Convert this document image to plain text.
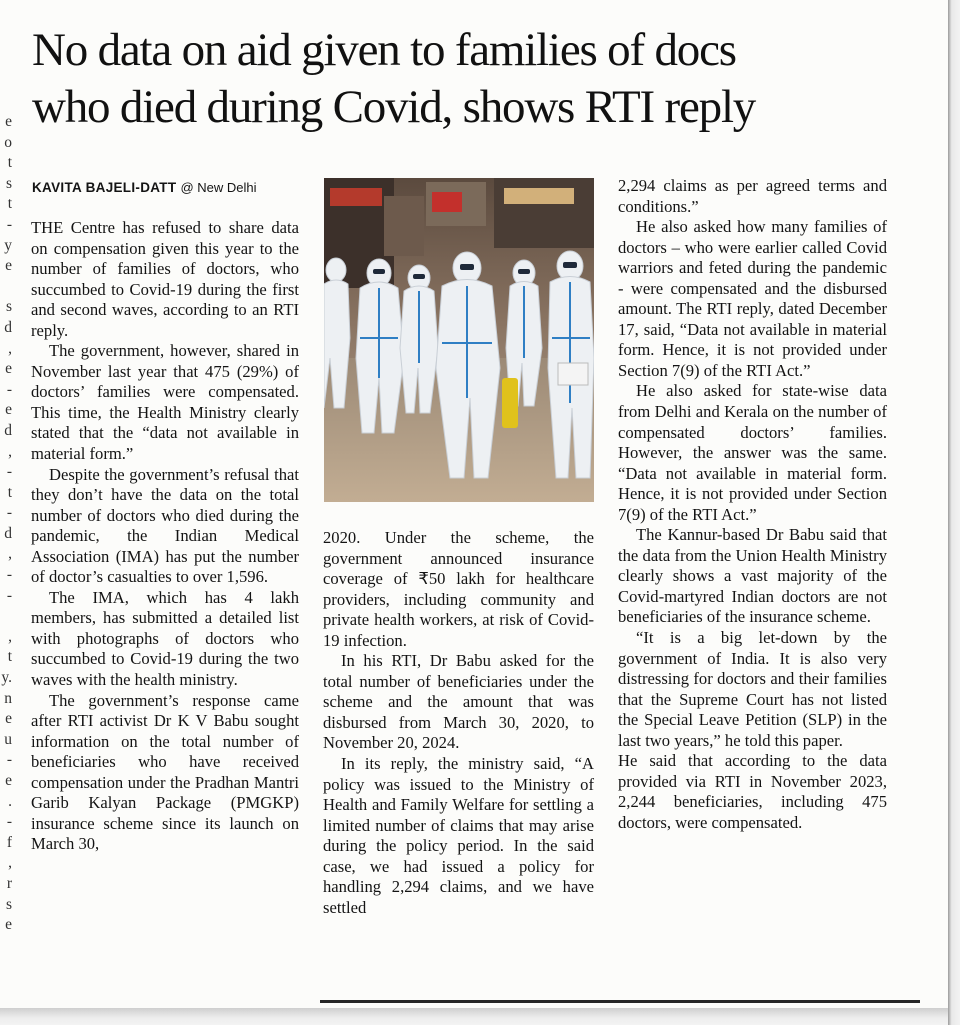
e
o
t
s
t
-
y
e
s
d
,
e
-
e
d
,
-
t
-
d
,
-
-
,
t
y.
n
e
u
-
e
.
-
f
,
r
s
e
No data on aid given to families of docs
who died during Covid, shows RTI reply
KAVITA BAJELI-DATT @ New Delhi

THE Centre has refused to share data on compensation given this year to the number of families of doctors, who succumbed to Covid-19 during the first and second waves, according to an RTI reply.

The government, however, shared in November last year that 475 (29%) of doctors’ families were compensated. This time, the Health Ministry clearly stated that the “data not available in material form.”

Despite the government’s refusal that they don’t have the data on the total number of doctors who died during the pandemic, the Indian Medical Association (IMA) has put the number of doctor’s casualties to over 1,596.

The IMA, which has 4 lakh members, has submitted a detailed list with photographs of doctors who succumbed to Covid-19 during the two waves with the health ministry.

The government’s response came after RTI activist Dr K V Babu sought information on the total number of beneficiaries who have received compensation under the Pradhan Mantri Garib Kalyan Package (PMGKP) insurance scheme since its launch on March 30,

2020. Under the scheme, the government announced insurance coverage of ₹50 lakh for healthcare providers, including community and private health workers, at risk of Covid-19 infection.

In his RTI, Dr Babu asked for the total number of beneficiaries under the scheme and the amount that was disbursed from March 30, 2020, to November 20, 2024.

In its reply, the ministry said, “A policy was issued to the Ministry of Health and Family Welfare for settling a limited number of claims that may arise during the policy period. In the said case, we had issued a policy for handling 2,294 claims, and we have settled

2,294 claims as per agreed terms and conditions.”

He also asked how many families of doctors – who were earlier called Covid warriors and feted during the pandemic - were compensated and the disbursed amount. The RTI reply, dated December 17, said, “Data not available in material form. Hence, it is not provided under Section 7(9) of the RTI Act.”

He also asked for state-wise data from Delhi and Kerala on the number of compensated doctors’ families. However, the answer was the same. “Data not available in material form. Hence, it is not provided under Section 7(9) of the RTI Act.”

The Kannur-based Dr Babu said that the data from the Union Health Ministry clearly shows a vast majority of the Covid-martyred Indian doctors are not beneficiaries of the insurance scheme.

“It is a big let-down by the government of India. It is also very distressing for doctors and their families that the Supreme Court has not listed the Special Leave Petition (SLP) in the last two years,” he told this paper.

He said that according to the data provided via RTI in November 2023, 2,244 beneficiaries, including 475 doctors, were compensated.
